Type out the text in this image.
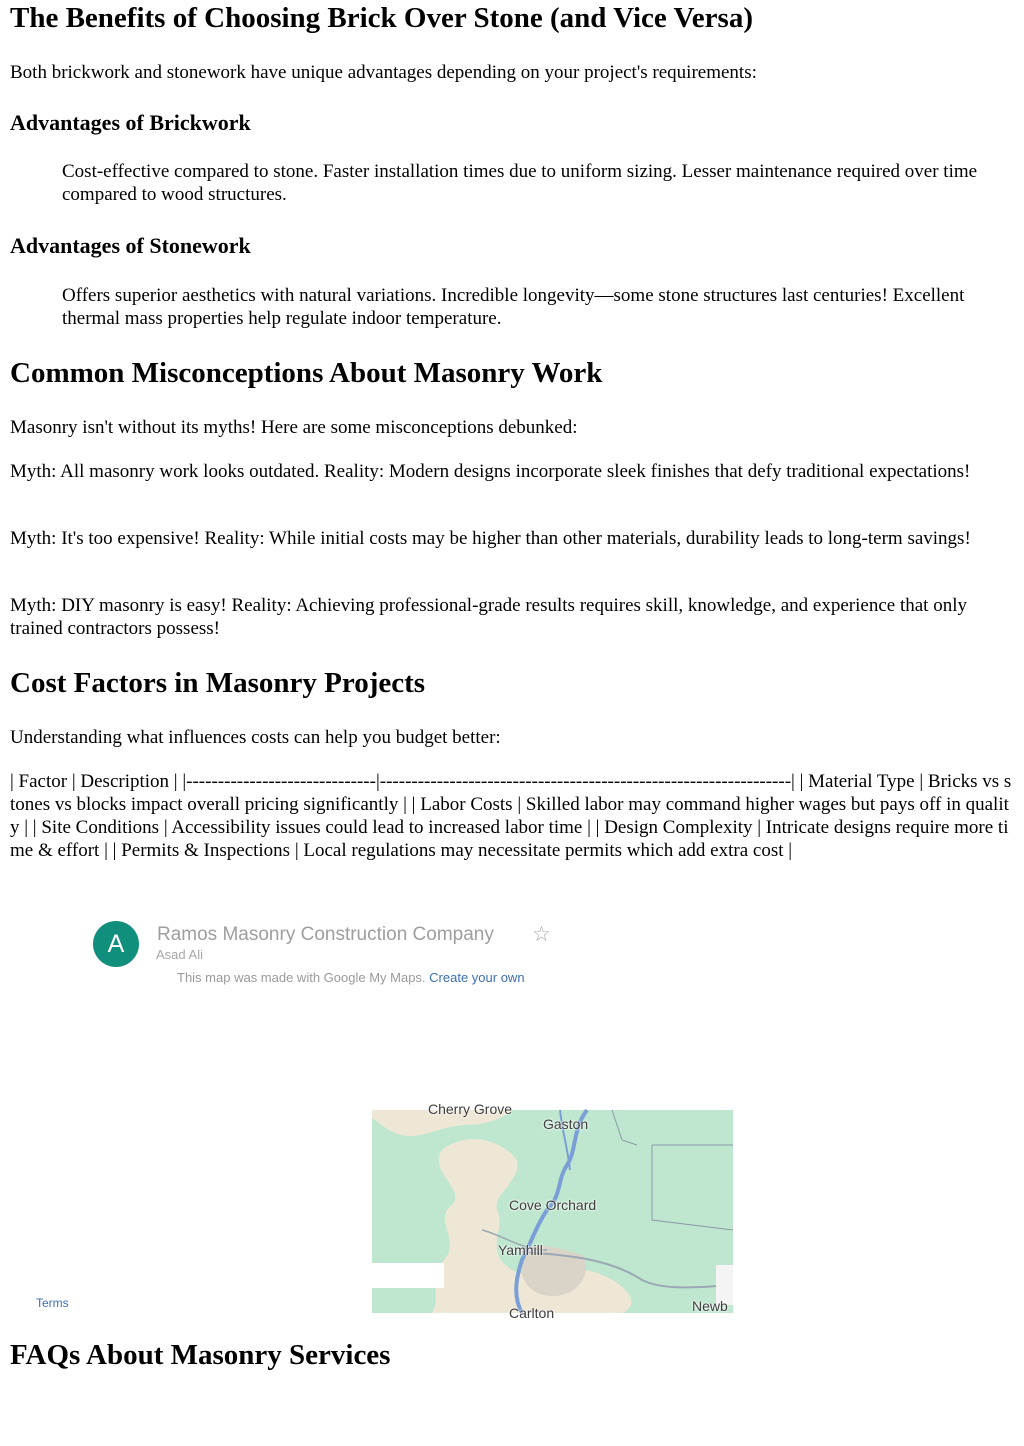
The Benefits of Choosing Brick Over Stone (and Vice Versa)

Both brickwork and stonework have unique advantages depending on your project's requirements:

Advantages of Brickwork
Cost-effective compared to stone. Faster installation times due to uniform sizing. Lesser maintenance required over time compared to wood structures.
Advantages of Stonework
Offers superior aesthetics with natural variations. Incredible longevity—some stone structures last centuries! Excellent thermal mass properties help regulate indoor temperature.
Common Misconceptions About Masonry Work

Masonry isn't without its myths! Here are some misconceptions debunked:

Myth: All masonry work looks outdated. Reality: Modern designs incorporate sleek finishes that defy traditional expectations!

Myth: It's too expensive! Reality: While initial costs may be higher than other materials, durability leads to long-term savings!

Myth: DIY masonry is easy! Reality: Achieving professional-grade results requires skill, knowledge, and experience that only trained contractors possess!

Cost Factors in Masonry Projects

Understanding what influences costs can help you budget better:

| Factor | Description | |------------------------------|-----------------------------------------------------------------| | Material Type | Bricks vs stones vs blocks impact overall pricing significantly | | Labor Costs | Skilled labor may command higher wages but pays off in quality | | Site Conditions | Accessibility issues could lead to increased labor time | | Design Complexity | Intricate designs require more time & effort | | Permits & Inspections | Local regulations may necessitate permits which add extra cost |

A	Ramos Masonry Construction Company ☆
Asad Ali
This map was made with Google My Maps. Create your own
Terms
Cherry Grove
Gaston
Cove Orchard
Yamhill
Carlton	Newb
FAQs About Masonry Services
